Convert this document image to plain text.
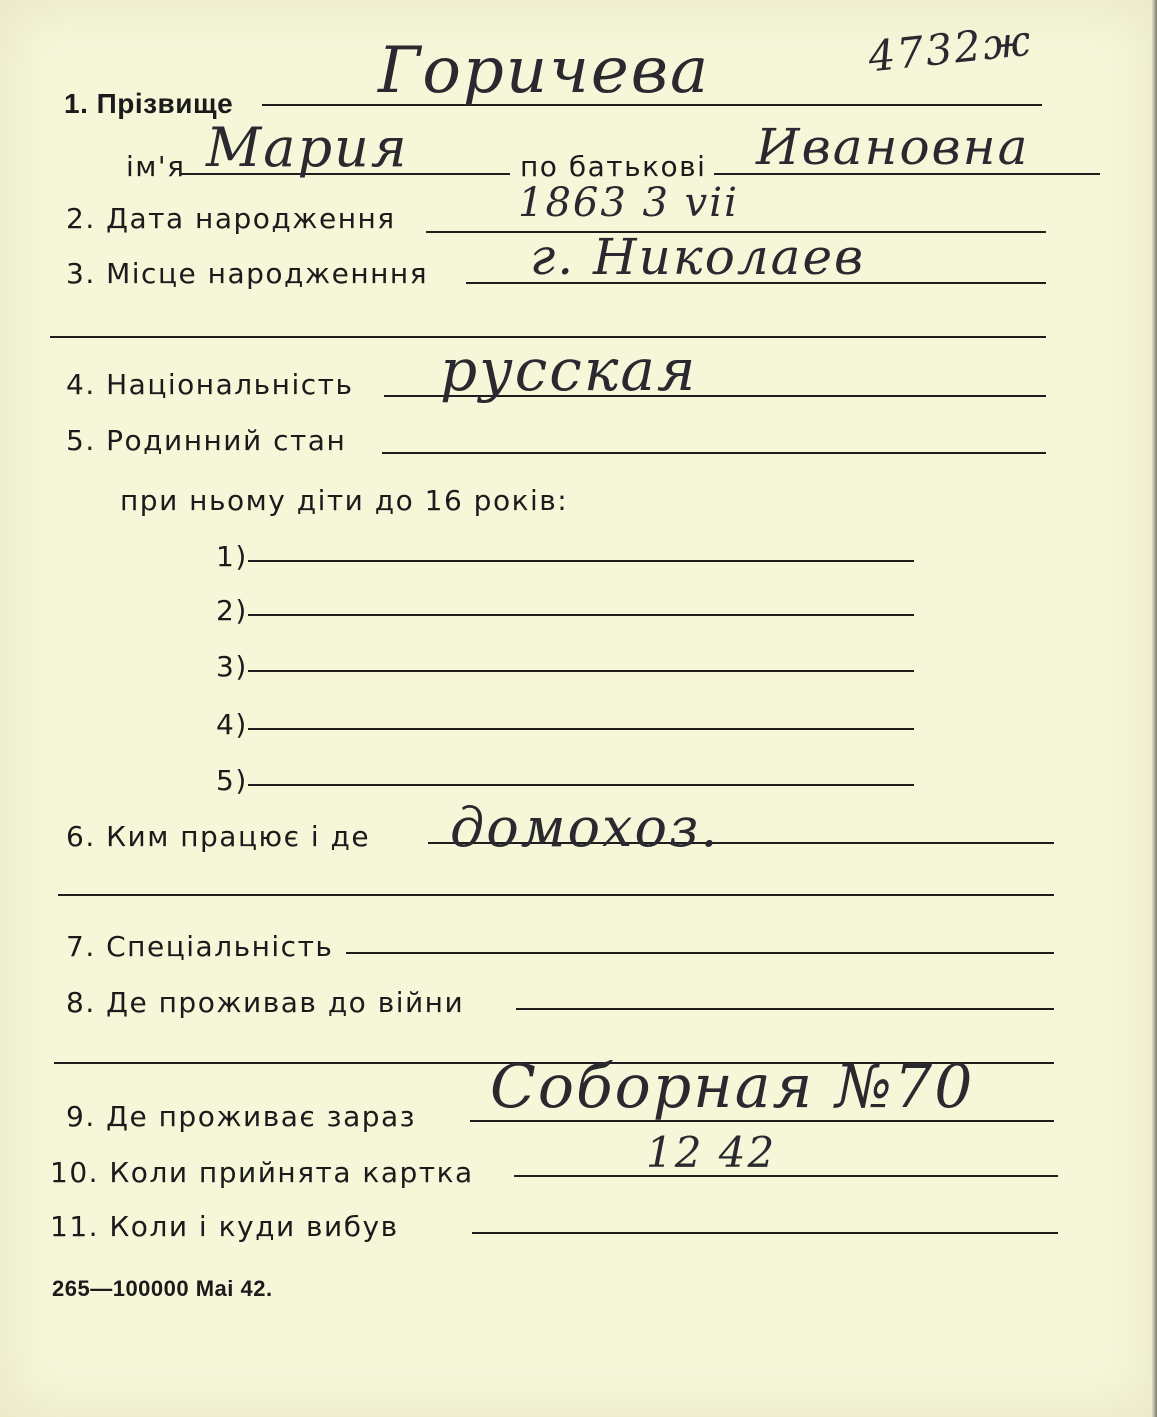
1. Прізвище Горичева	4732ж
ім'я Мария	по батькові Ивановна
2. Дата народження	1863 3 vii
3. Місце народженння г. Николаев
4. Національність русская
5. Родинний стан
при ньому діти до 16 років:
1)
2)
3)
4)
5)
6. Ким працює і де домохоз.
7. Спеціальність
8. Де проживав до війни
9. Де проживає зараз Соборная №70
10. Коли прийнята картка	12 42
11. Коли і куди вибув
265—100000 Mai 42.
